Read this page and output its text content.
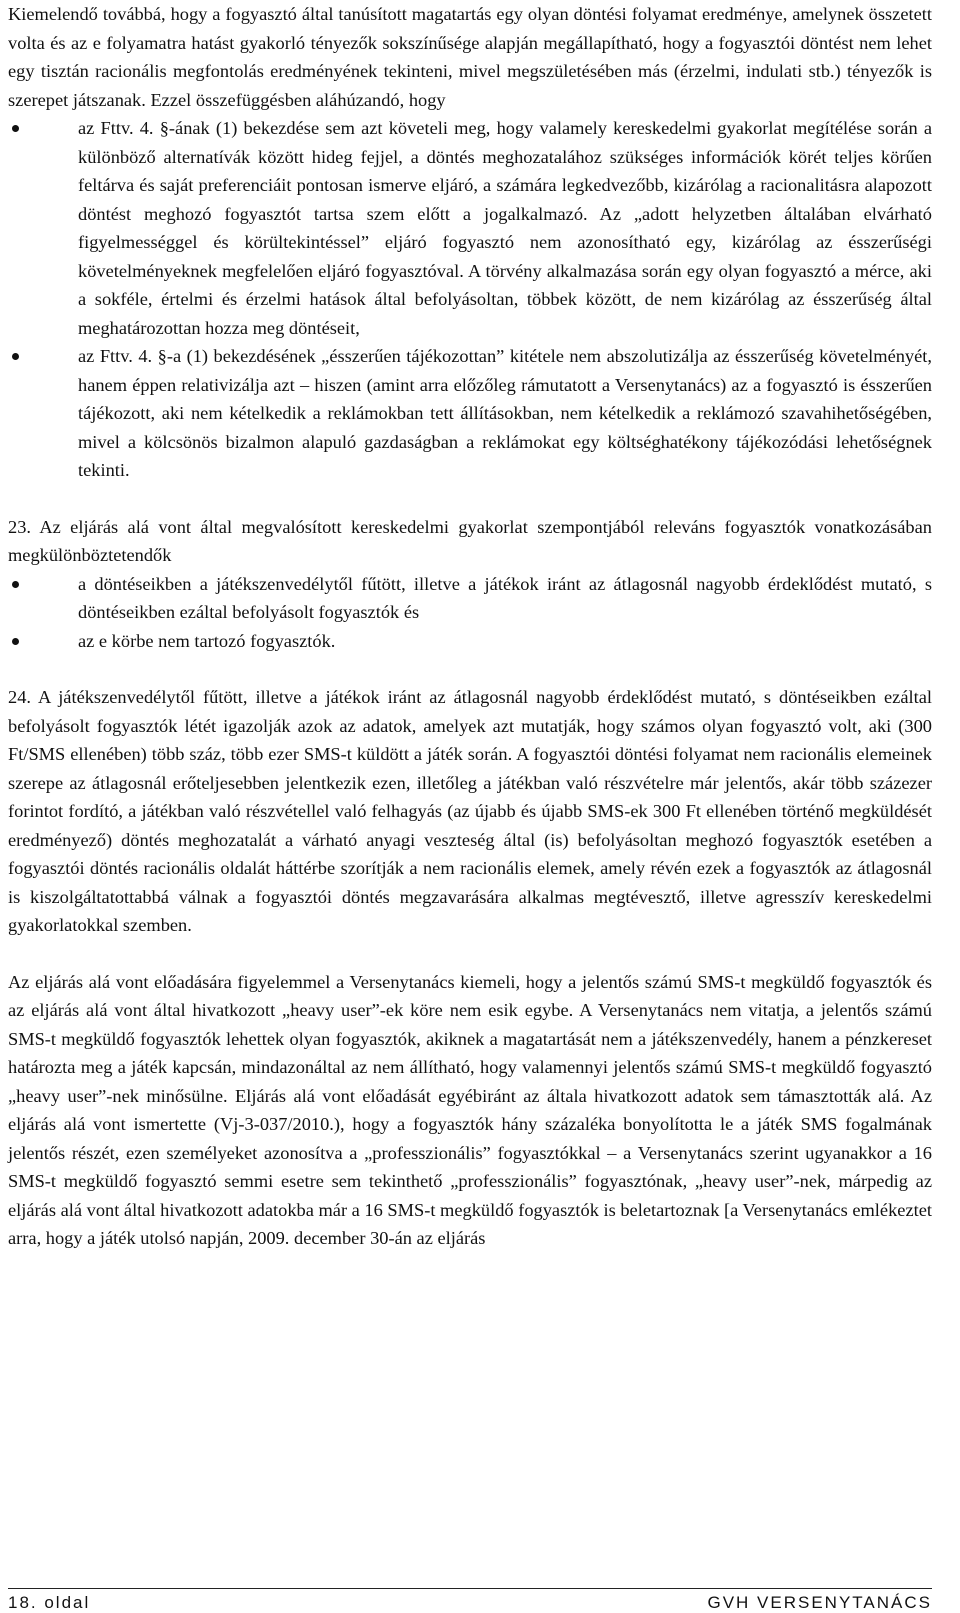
Kiemelendő továbbá, hogy a fogyasztó által tanúsított magatartás egy olyan döntési folyamat eredménye, amelynek összetett volta és az e folyamatra hatást gyakorló tényezők sokszínűsége alapján megállapítható, hogy a fogyasztói döntést nem lehet egy tisztán racionális megfontolás eredményének tekinteni, mivel megszületésében más (érzelmi, indulati stb.) tényezők is szerepet játszanak. Ezzel összefüggésben aláhúzandó, hogy

az Fttv. 4. §-ának (1) bekezdése sem azt követeli meg, hogy valamely kereskedelmi gyakorlat megítélése során a különböző alternatívák között hideg fejjel, a döntés meghozatalához szükséges információk körét teljes körűen feltárva és saját preferenciáit pontosan ismerve eljáró, a számára legkedvezőbb, kizárólag a racionalitásra alapozott döntést meghozó fogyasztót tartsa szem előtt a jogalkalmazó. Az „adott helyzetben általában elvárható figyelmességgel és körültekintéssel” eljáró fogyasztó nem azonosítható egy, kizárólag az ésszerűségi követelményeknek megfelelően eljáró fogyasztóval. A törvény alkalmazása során egy olyan fogyasztó a mérce, aki a sokféle, értelmi és érzelmi hatások által befolyásoltan, többek között, de nem kizárólag az ésszerűség által meghatározottan hozza meg döntéseit,
az Fttv. 4. §-a (1) bekezdésének „ésszerűen tájékozottan” kitétele nem abszolutizálja az ésszerűség követelményét, hanem éppen relativizálja azt – hiszen (amint arra előzőleg rámutatott a Versenytanács) az a fogyasztó is ésszerűen tájékozott, aki nem kételkedik a reklámokban tett állításokban, nem kételkedik a reklámozó szavahihetőségében, mivel a kölcsönös bizalmon alapuló gazdaságban a reklámokat egy költséghatékony tájékozódási lehetőségnek tekinti.

23. Az eljárás alá vont által megvalósított kereskedelmi gyakorlat szempontjából releváns fogyasztók vonatkozásában megkülönböztetendők

a döntéseikben a játékszenvedélytől fűtött, illetve a játékok iránt az átlagosnál nagyobb érdeklődést mutató, s döntéseikben ezáltal befolyásolt fogyasztók és
az e körbe nem tartozó fogyasztók.

24. A játékszenvedélytől fűtött, illetve a játékok iránt az átlagosnál nagyobb érdeklődést mutató, s döntéseikben ezáltal befolyásolt fogyasztók létét igazolják azok az adatok, amelyek azt mutatják, hogy számos olyan fogyasztó volt, aki (300 Ft/SMS ellenében) több száz, több ezer SMS-t küldött a játék során. A fogyasztói döntési folyamat nem racionális elemeinek szerepe az átlagosnál erőteljesebben jelentkezik ezen, illetőleg a játékban való részvételre már jelentős, akár több százezer forintot fordító, a játékban való részvétellel való felhagyás (az újabb és újabb SMS-ek 300 Ft ellenében történő megküldését eredményező) döntés meghozatalát a várható anyagi veszteség által (is) befolyásoltan meghozó fogyasztók esetében a fogyasztói döntés racionális oldalát háttérbe szorítják a nem racionális elemek, amely révén ezek a fogyasztók az átlagosnál is kiszolgáltatottabbá válnak a fogyasztói döntés megzavarására alkalmas megtévesztő, illetve agresszív kereskedelmi gyakorlatokkal szemben.

Az eljárás alá vont előadására figyelemmel a Versenytanács kiemeli, hogy a jelentős számú SMS-t megküldő fogyasztók és az eljárás alá vont által hivatkozott „heavy user”-ek köre nem esik egybe. A Versenytanács nem vitatja, a jelentős számú SMS-t megküldő fogyasztók lehettek olyan fogyasztók, akiknek a magatartását nem a játékszenvedély, hanem a pénzkereset határozta meg a játék kapcsán, mindazonáltal az nem állítható, hogy valamennyi jelentős számú SMS-t megküldő fogyasztó „heavy user”-nek minősülne. Eljárás alá vont előadását egyébiránt az általa hivatkozott adatok sem támasztották alá. Az eljárás alá vont ismertette (Vj-3-037/2010.), hogy a fogyasztók hány százaléka bonyolította le a játék SMS fogalmának jelentős részét, ezen személyeket azonosítva a „professzionális” fogyasztókkal – a Versenytanács szerint ugyanakkor a 16 SMS-t megküldő fogyasztó semmi esetre sem tekinthető „professzionális” fogyasztónak, „heavy user”-nek, márpedig az eljárás alá vont által hivatkozott adatokba már a 16 SMS-t megküldő fogyasztók is beletartoznak [a Versenytanács emlékeztet arra, hogy a játék utolsó napján, 2009. december 30-án az eljárás

18. oldal	GVH VERSENYTANÁCS
